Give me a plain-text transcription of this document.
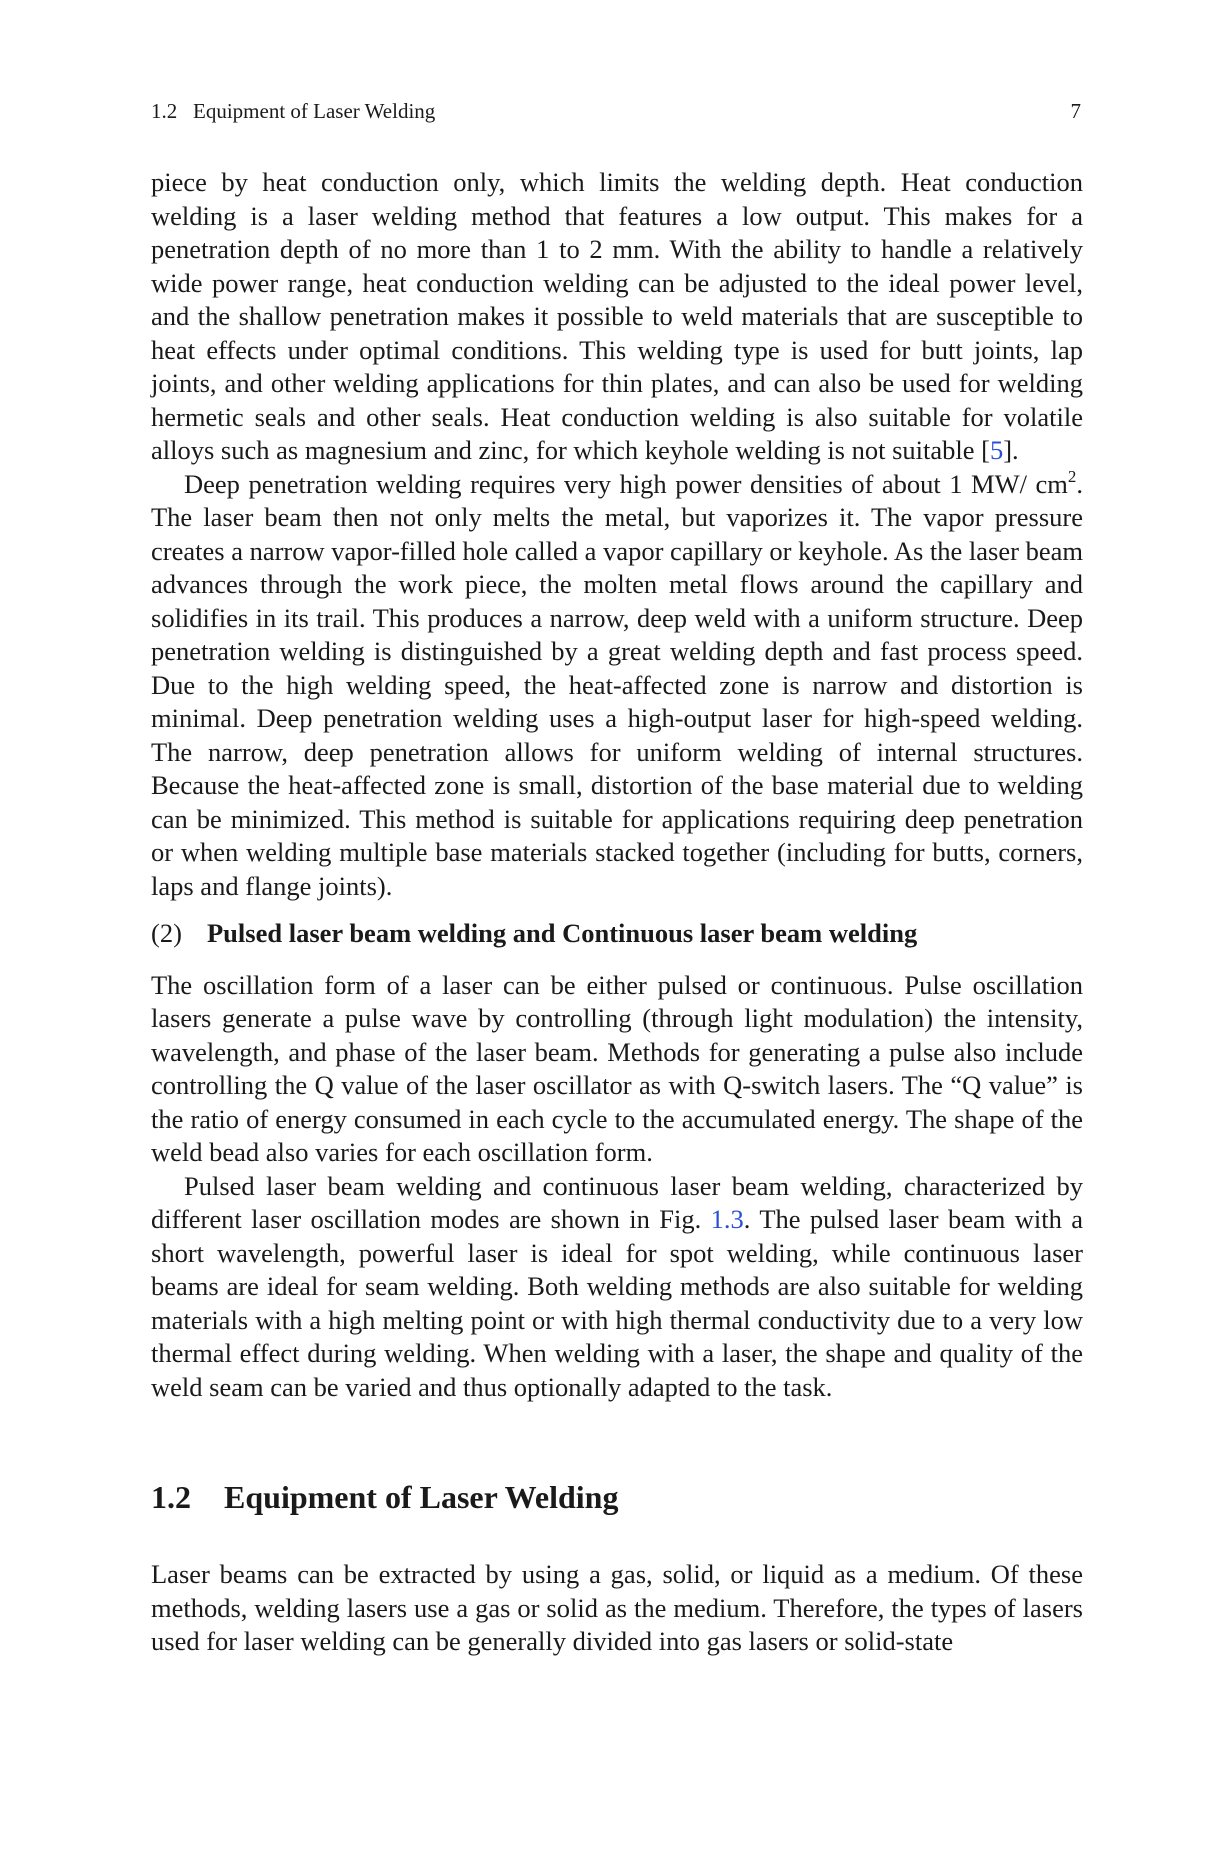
1.2   Equipment of Laser Welding	7

piece by heat conduction only, which limits the welding depth. Heat conduction welding is a laser welding method that features a low output. This makes for a penetration depth of no more than 1 to 2 mm. With the ability to handle a relatively wide power range, heat conduction welding can be adjusted to the ideal power level, and the shallow penetration makes it possible to weld materials that are susceptible to heat effects under optimal conditions. This welding type is used for butt joints, lap joints, and other welding applications for thin plates, and can also be used for welding hermetic seals and other seals. Heat conduction welding is also suitable for volatile alloys such as magnesium and zinc, for which keyhole welding is not suitable [5].

Deep penetration welding requires very high power densities of about 1 MW/ $cm^2$. The laser beam then not only melts the metal, but vaporizes it. The vapor pressure creates a narrow vapor-filled hole called a vapor capillary or keyhole. As the laser beam advances through the work piece, the molten metal flows around the capillary and solidifies in its trail. This produces a narrow, deep weld with a uniform structure. Deep penetration welding is distinguished by a great welding depth and fast process speed. Due to the high welding speed, the heat-affected zone is narrow and distortion is minimal. Deep penetration welding uses a high-output laser for high-speed welding. The narrow, deep penetration allows for uniform welding of internal structures. Because the heat-affected zone is small, distortion of the base material due to welding can be minimized. This method is suitable for applications requiring deep penetration or when welding multiple base materials stacked together (including for butts, corners, laps and flange joints).

(2) Pulsed laser beam welding and Continuous laser beam welding

The oscillation form of a laser can be either pulsed or continuous. Pulse oscillation lasers generate a pulse wave by controlling (through light modulation) the intensity, wavelength, and phase of the laser beam. Methods for generating a pulse also include controlling the Q value of the laser oscillator as with Q-switch lasers. The “Q value” is the ratio of energy consumed in each cycle to the accumulated energy. The shape of the weld bead also varies for each oscillation form.

Pulsed laser beam welding and continuous laser beam welding, characterized by different laser oscillation modes are shown in Fig. 1.3. The pulsed laser beam with a short wavelength, powerful laser is ideal for spot welding, while continuous laser beams are ideal for seam welding. Both welding methods are also suitable for welding materials with a high melting point or with high thermal conductivity due to a very low thermal effect during welding. When welding with a laser, the shape and quality of the weld seam can be varied and thus optionally adapted to the task.

1.2 Equipment of Laser Welding

Laser beams can be extracted by using a gas, solid, or liquid as a medium. Of these methods, welding lasers use a gas or solid as the medium. Therefore, the types of lasers used for laser welding can be generally divided into gas lasers or solid-state
